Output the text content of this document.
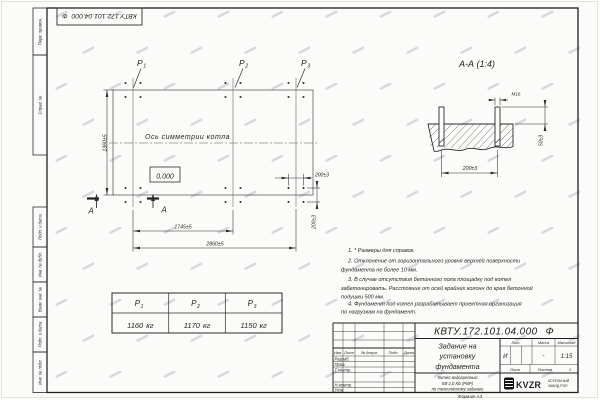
КВТУ.172.101.04.000Ф
Перв. примен.
Справ. №
Подп. и дата
Инв. № дубл.
Взам. инв. №
Подп. и дата
Инв. № подл.
Р1	Р2	Р3
Ось симметрии котла
0,000
1360±5
1745±5
2860±5
200±3
200±3
А	А
А-А (1:4)
200±3
50±3
М16
1. * Размеры для справок.
2. Отклонение от горизонтального уровня верхней поверхности
фундамента не более 10 мм.
3. В случае отсутствия бетонного пола площадку под котел
забетонировать. Расстояние от осей крайних колонн до края бетонной
подушки 500 мм.
4. Фундамент под котел разрабатывает проектная организация
по нагрузкам на фундамент.
$Р_1$	$Р_2$	$Р_3$
1160 кг	1170 кг	1150 кг
КВТУ.172.101.04.000 Ф
Изм. Лист № докум.	Подп. Дата
Разраб.
Пров.
Т.контр.
Н.контр.
Утв.
Задание на
установку
фундамента
Котел водогрейный
КВ-2,0 КБ (РВР)
по техническому заданию
Лит.	Масса Масштаб
И	-	1:15
Лист	Листов	1
KVZR КОТЕЛЬНЫЙ
ЗАВОД РЭП
Формат А3
